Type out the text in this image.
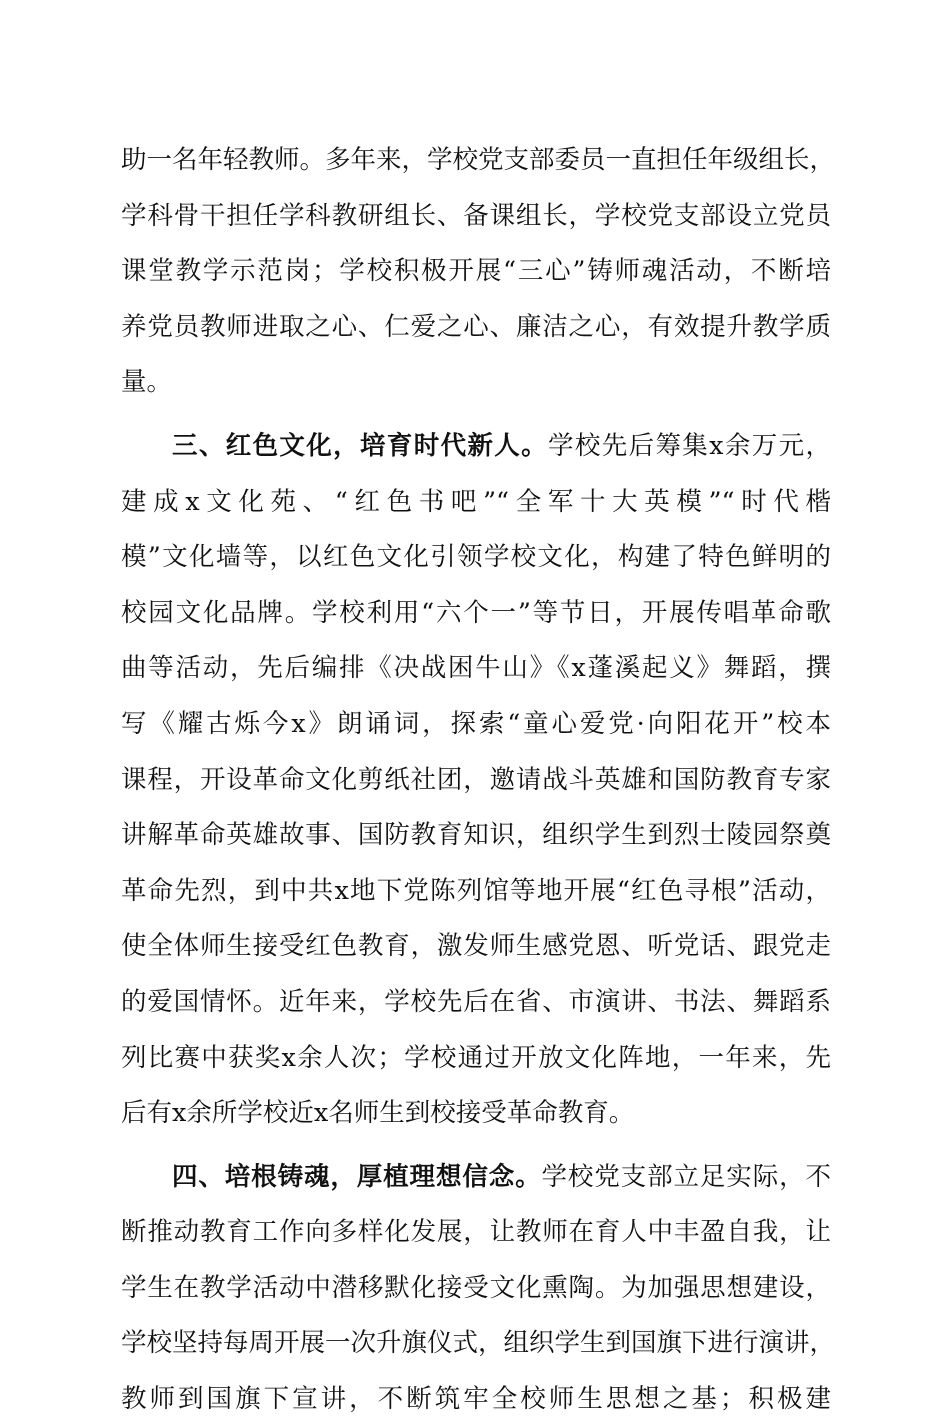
助一名年轻教师。多年来，学校党支部委员一直担任年级组长，
学科骨干担任学科教研组长、备课组长，学校党支部设立党员
课堂教学示范岗；学校积极开展“三心”铸师魂活动，不断培
养党员教师进取之心、仁爱之心、廉洁之心，有效提升教学质
量。
三、红色文化，培育时代新人。学校先后筹集x余万元，
建成x文化苑、“红色书吧”“全军十大英模”“时代楷
模”文化墙等，以红色文化引领学校文化，构建了特色鲜明的
校园文化品牌。学校利用“六个一”等节日，开展传唱革命歌
曲等活动，先后编排《决战困牛山》《x蓬溪起义》舞蹈，撰
写《耀古烁今x》朗诵词，探索“童心爱党·向阳花开”校本
课程，开设革命文化剪纸社团，邀请战斗英雄和国防教育专家
讲解革命英雄故事、国防教育知识，组织学生到烈士陵园祭奠
革命先烈，到中共x地下党陈列馆等地开展“红色寻根”活动，
使全体师生接受红色教育，激发师生感党恩、听党话、跟党走
的爱国情怀。近年来，学校先后在省、市演讲、书法、舞蹈系
列比赛中获奖x余人次；学校通过开放文化阵地，一年来，先
后有x余所学校近x名师生到校接受革命教育。
四、培根铸魂，厚植理想信念。学校党支部立足实际，不
断推动教育工作向多样化发展，让教师在育人中丰盈自我，让
学生在教学活动中潜移默化接受文化熏陶。为加强思想建设，
学校坚持每周开展一次升旗仪式，组织学生到国旗下进行演讲，
教师到国旗下宣讲，不断筑牢全校师生思想之基；积极建
